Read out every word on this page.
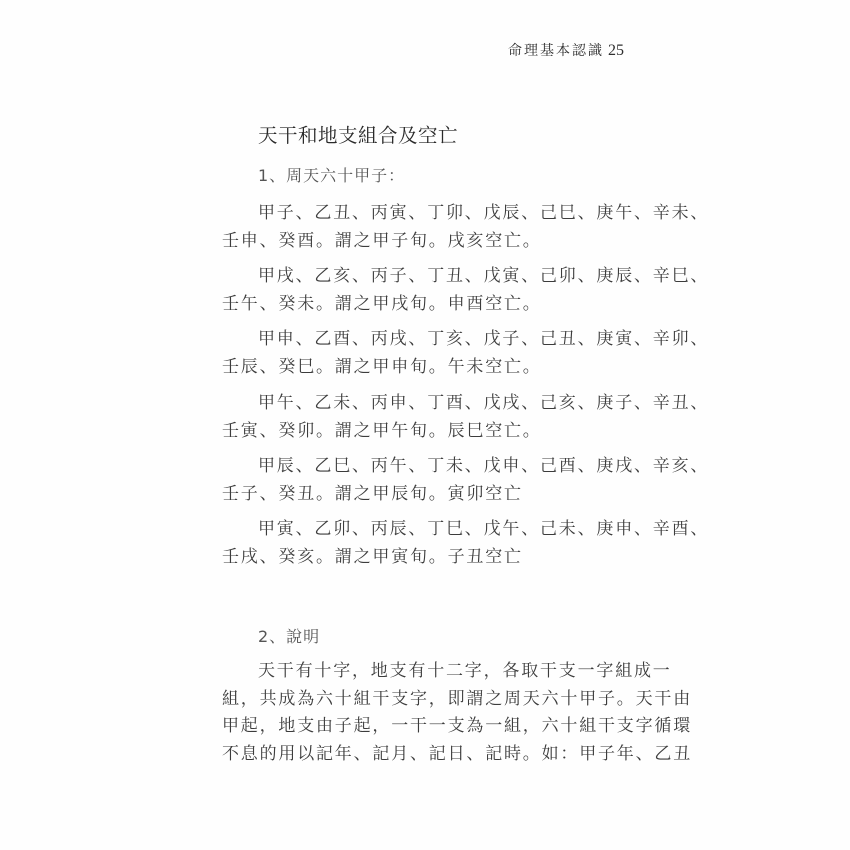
命理基本認識 25
天干和地支組合及空亡
1、周天六十甲子：
甲子、乙丑、丙寅、丁卯、戊辰、己巳、庚午、辛未、
壬申、癸酉。謂之甲子旬。戌亥空亡。
甲戌、乙亥、丙子、丁丑、戊寅、己卯、庚辰、辛巳、
壬午、癸未。謂之甲戌旬。申酉空亡。
甲申、乙酉、丙戌、丁亥、戊子、己丑、庚寅、辛卯、
壬辰、癸巳。謂之甲申旬。午未空亡。
甲午、乙未、丙申、丁酉、戊戌、己亥、庚子、辛丑、
壬寅、癸卯。謂之甲午旬。辰巳空亡。
甲辰、乙巳、丙午、丁未、戊申、己酉、庚戌、辛亥、
壬子、癸丑。謂之甲辰旬。寅卯空亡
甲寅、乙卯、丙辰、丁巳、戊午、己未、庚申、辛酉、
壬戌、癸亥。謂之甲寅旬。子丑空亡
2、說明
天干有十字，地支有十二字，各取干支一字組成一
組，共成為六十組干支字，即謂之周天六十甲子。天干由
甲起，地支由子起，一干一支為一組，六十組干支字循環
不息的用以記年、記月、記日、記時。如：甲子年、乙丑
